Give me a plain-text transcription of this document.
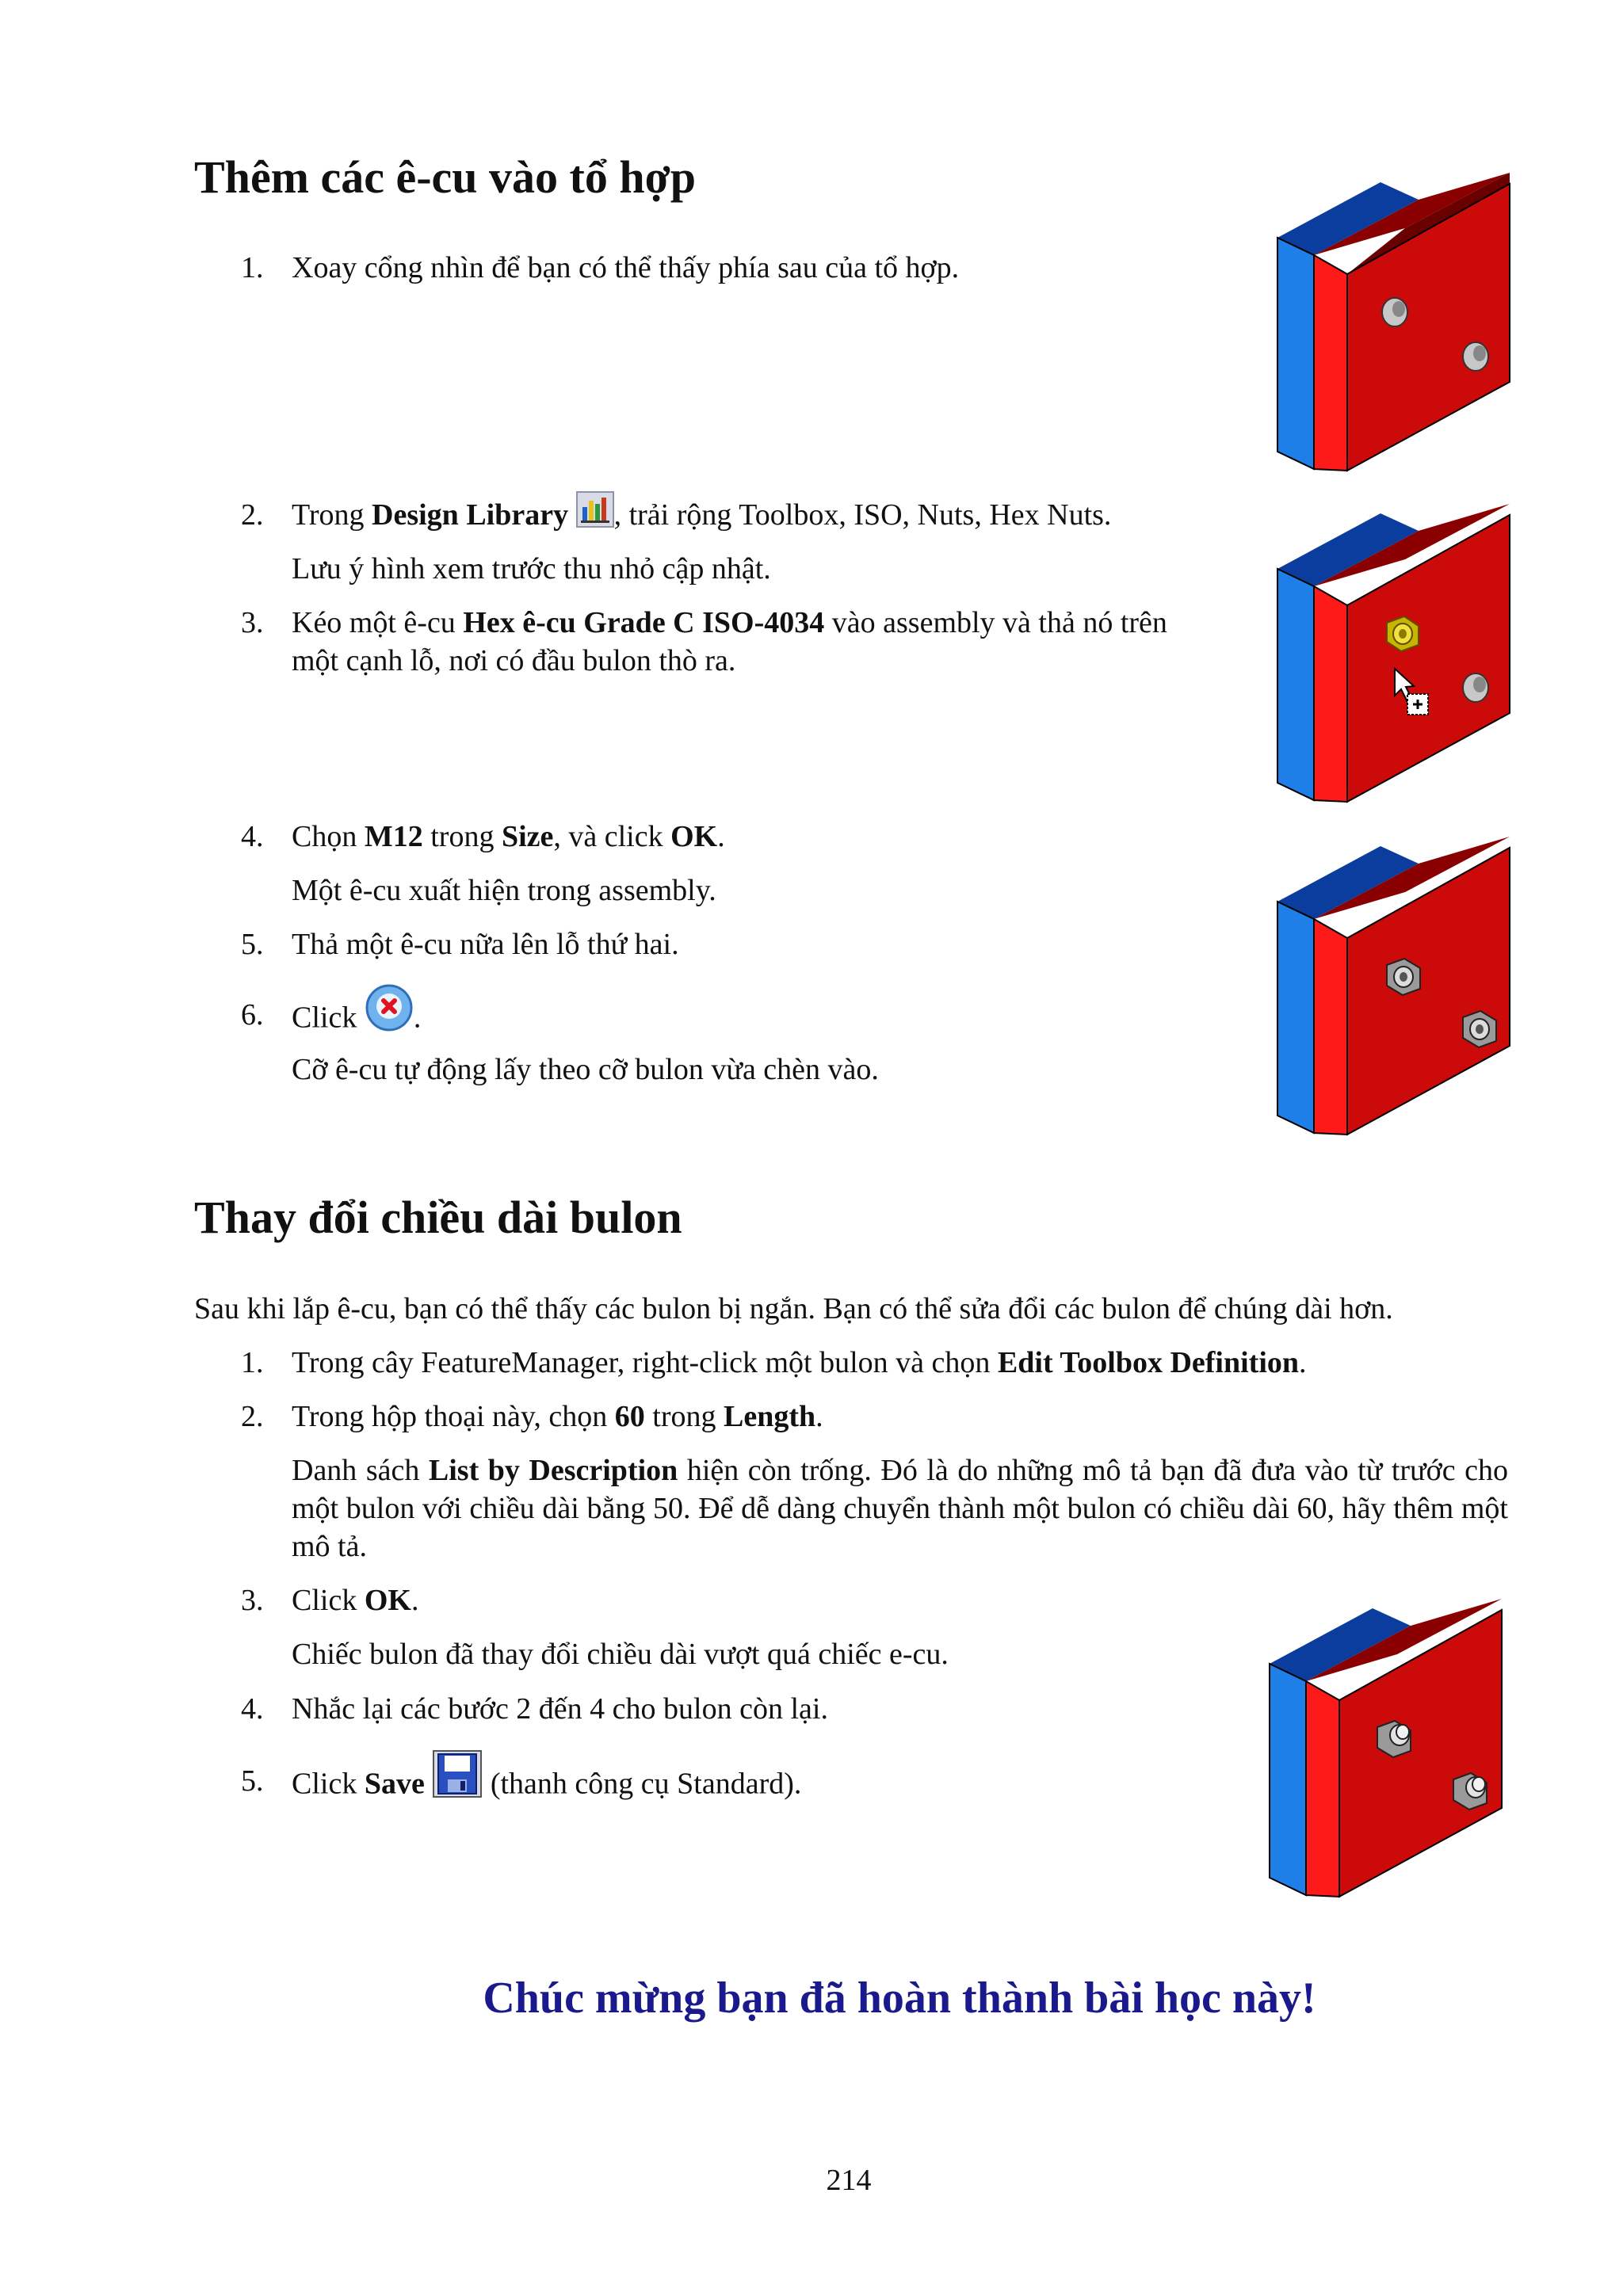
Thêm các ê-cu vào tổ hợp
1. Xoay cổng nhìn để bạn có thể thấy phía sau của tổ hợp.
2. Trong Design Library , trải rộng Toolbox, ISO, Nuts, Hex Nuts.
Lưu ý hình xem trước thu nhỏ cập nhật.
3. Kéo một ê-cu Hex ê-cu Grade C ISO-4034 vào assembly và thả nó trên
một cạnh lỗ, nơi có đầu bulon thò ra.
4. Chọn M12 trong Size, và click OK.
Một ê-cu xuất hiện trong assembly.
5. Thả một ê-cu nữa lên lỗ thứ hai.
6. Click .
Cỡ ê-cu tự động lấy theo cỡ bulon vừa chèn vào.
Thay đổi chiều dài bulon
Sau khi lắp ê-cu, bạn có thể thấy các bulon bị ngắn. Bạn có thể sửa đổi các bulon để chúng dài hơn.
1. Trong cây FeatureManager, right-click một bulon và chọn Edit Toolbox Definition.
2. Trong hộp thoại này, chọn 60 trong Length.
Danh sách List by Description hiện còn trống. Đó là do những mô tả bạn đã đưa vào từ trước cho một bulon với chiều dài bằng 50. Để dễ dàng chuyển thành một bulon có chiều dài 60, hãy thêm một mô tả.
3. Click OK.
Chiếc bulon đã thay đổi chiều dài vượt quá chiếc e-cu.
4. Nhắc lại các bước 2 đến 4 cho bulon còn lại.
5. Click Save  (thanh công cụ Standard).
Chúc mừng bạn đã hoàn thành bài học này!
214
